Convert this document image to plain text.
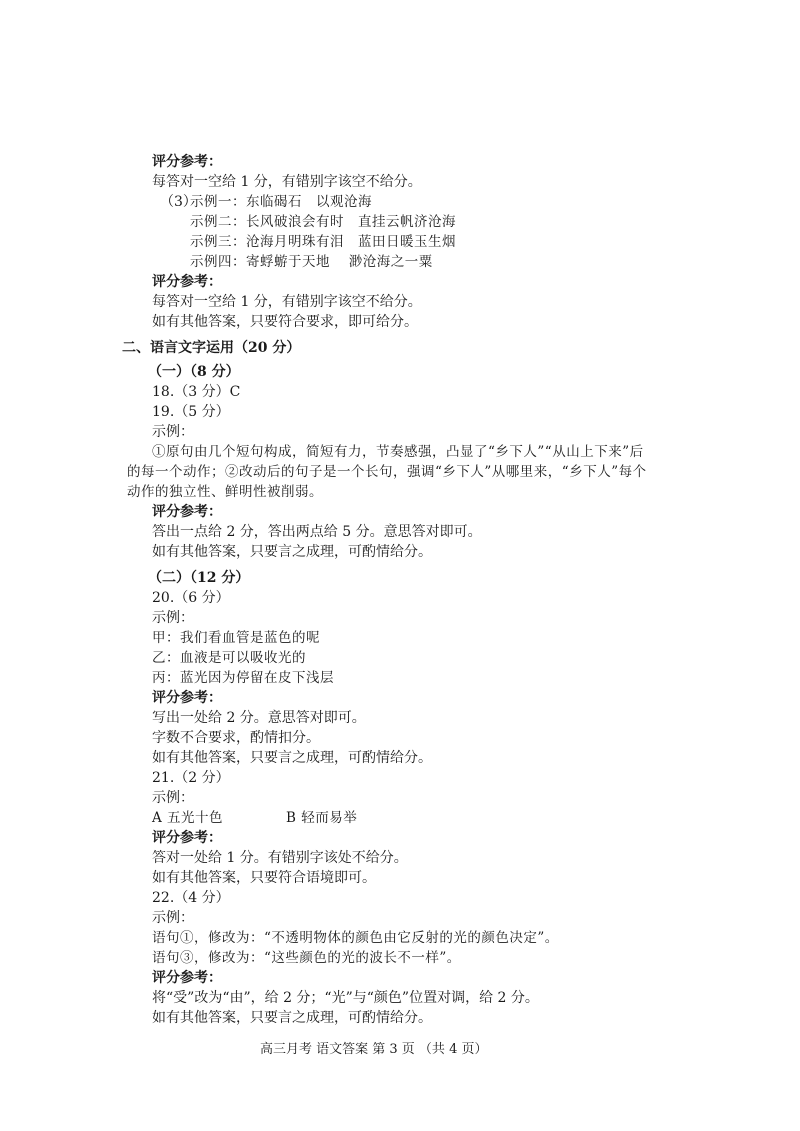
评分参考：
每答对一空给 1 分，有错别字该空不给分。
（3）
示例一：东临碣石　以观沧海
示例二：长风破浪会有时　直挂云帆济沧海
示例三：沧海月明珠有泪　蓝田日暖玉生烟
示例四：寄蜉蝣于天地　 渺沧海之一粟
评分参考：
每答对一空给 1 分，有错别字该空不给分。
如有其他答案，只要符合要求，即可给分。
二、语言文字运用（20 分）
（一）（8 分）
18.（3 分）C
19.（5 分）
示例：
①原句由几个短句构成，简短有力，节奏感强，凸显了“乡下人”“从山上下来”后
的每一个动作；②改动后的句子是一个长句，强调“乡下人”从哪里来，“乡下人”每个
动作的独立性、鲜明性被削弱。
评分参考：
答出一点给 2 分，答出两点给 5 分。意思答对即可。
如有其他答案，只要言之成理，可酌情给分。
（二）（12 分）
20.（6 分）
示例：
甲：我们看血管是蓝色的呢
乙：血液是可以吸收光的
丙：蓝光因为停留在皮下浅层
评分参考：
写出一处给 2 分。意思答对即可。
字数不合要求，酌情扣分。
如有其他答案，只要言之成理，可酌情给分。
21.（2 分）
示例：
A 五光十色	B 轻而易举
评分参考：
答对一处给 1 分。有错别字该处不给分。
如有其他答案，只要符合语境即可。
22.（4 分）
示例：
语句①，修改为：“不透明物体的颜色由它反射的光的颜色决定”。
语句③，修改为：“这些颜色的光的波长不一样”。
评分参考：
将“受”改为“由”，给 2 分；“光”与“颜色”位置对调，给 2 分。
如有其他答案，只要言之成理，可酌情给分。
高三月考 语文答案 第 3 页 （共 4 页）
